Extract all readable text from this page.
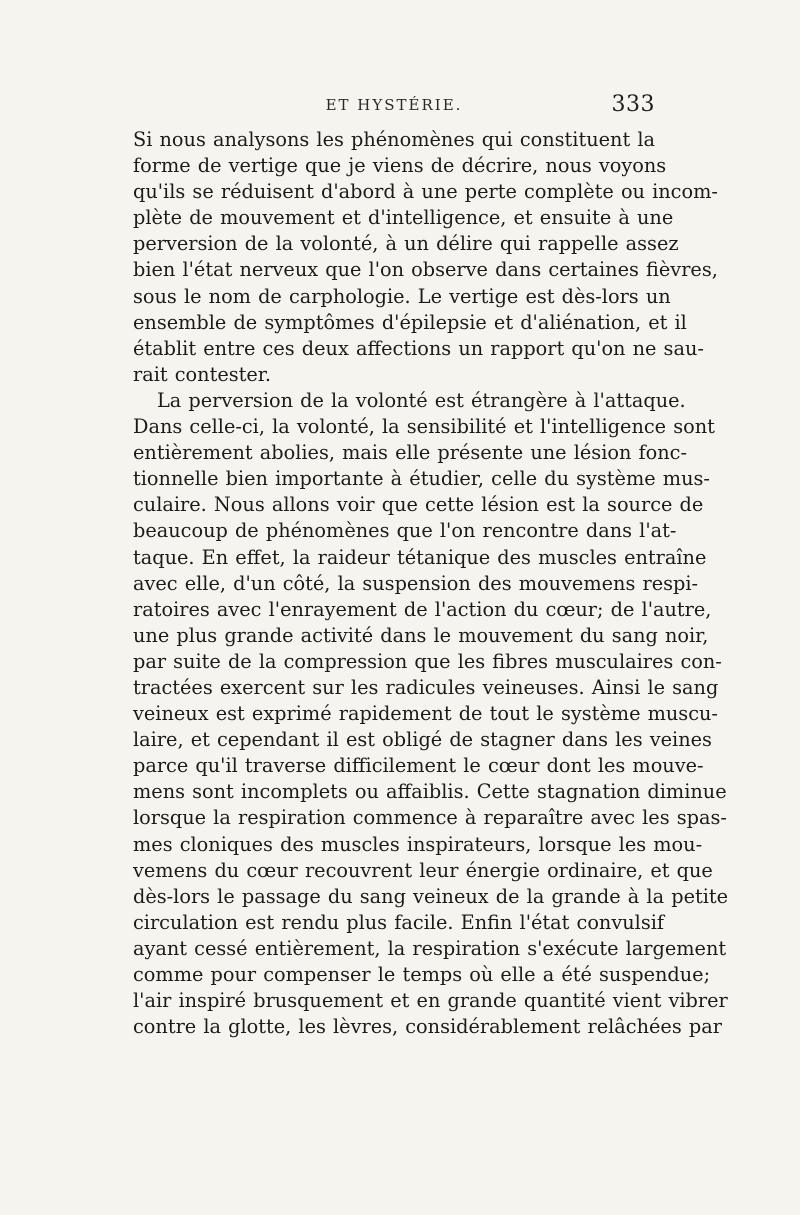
ET HYSTÉRIE.	333
Si nous analysons les phénomènes qui constituent la
forme de vertige que je viens de décrire, nous voyons
qu'ils se réduisent d'abord à une perte complète ou incom-
plète de mouvement et d'intelligence, et ensuite à une
perversion de la volonté, à un délire qui rappelle assez
bien l'état nerveux que l'on observe dans certaines fièvres,
sous le nom de carphologie. Le vertige est dès-lors un
ensemble de symptômes d'épilepsie et d'aliénation, et il
établit entre ces deux affections un rapport qu'on ne sau-
rait contester.
La perversion de la volonté est étrangère à l'attaque.
Dans celle-ci, la volonté, la sensibilité et l'intelligence sont
entièrement abolies, mais elle présente une lésion fonc-
tionnelle bien importante à étudier, celle du système mus-
culaire. Nous allons voir que cette lésion est la source de
beaucoup de phénomènes que l'on rencontre dans l'at-
taque. En effet, la raideur tétanique des muscles entraîne
avec elle, d'un côté, la suspension des mouvemens respi-
ratoires avec l'enrayement de l'action du cœur; de l'autre,
une plus grande activité dans le mouvement du sang noir,
par suite de la compression que les fibres musculaires con-
tractées exercent sur les radicules veineuses. Ainsi le sang
veineux est exprimé rapidement de tout le système muscu-
laire, et cependant il est obligé de stagner dans les veines
parce qu'il traverse difficilement le cœur dont les mouve-
mens sont incomplets ou affaiblis. Cette stagnation diminue
lorsque la respiration commence à reparaître avec les spas-
mes cloniques des muscles inspirateurs, lorsque les mou-
vemens du cœur recouvrent leur énergie ordinaire, et que
dès-lors le passage du sang veineux de la grande à la petite
circulation est rendu plus facile. Enfin l'état convulsif
ayant cessé entièrement, la respiration s'exécute largement
comme pour compenser le temps où elle a été suspendue;
l'air inspiré brusquement et en grande quantité vient vibrer
contre la glotte, les lèvres, considérablement relâchées par
